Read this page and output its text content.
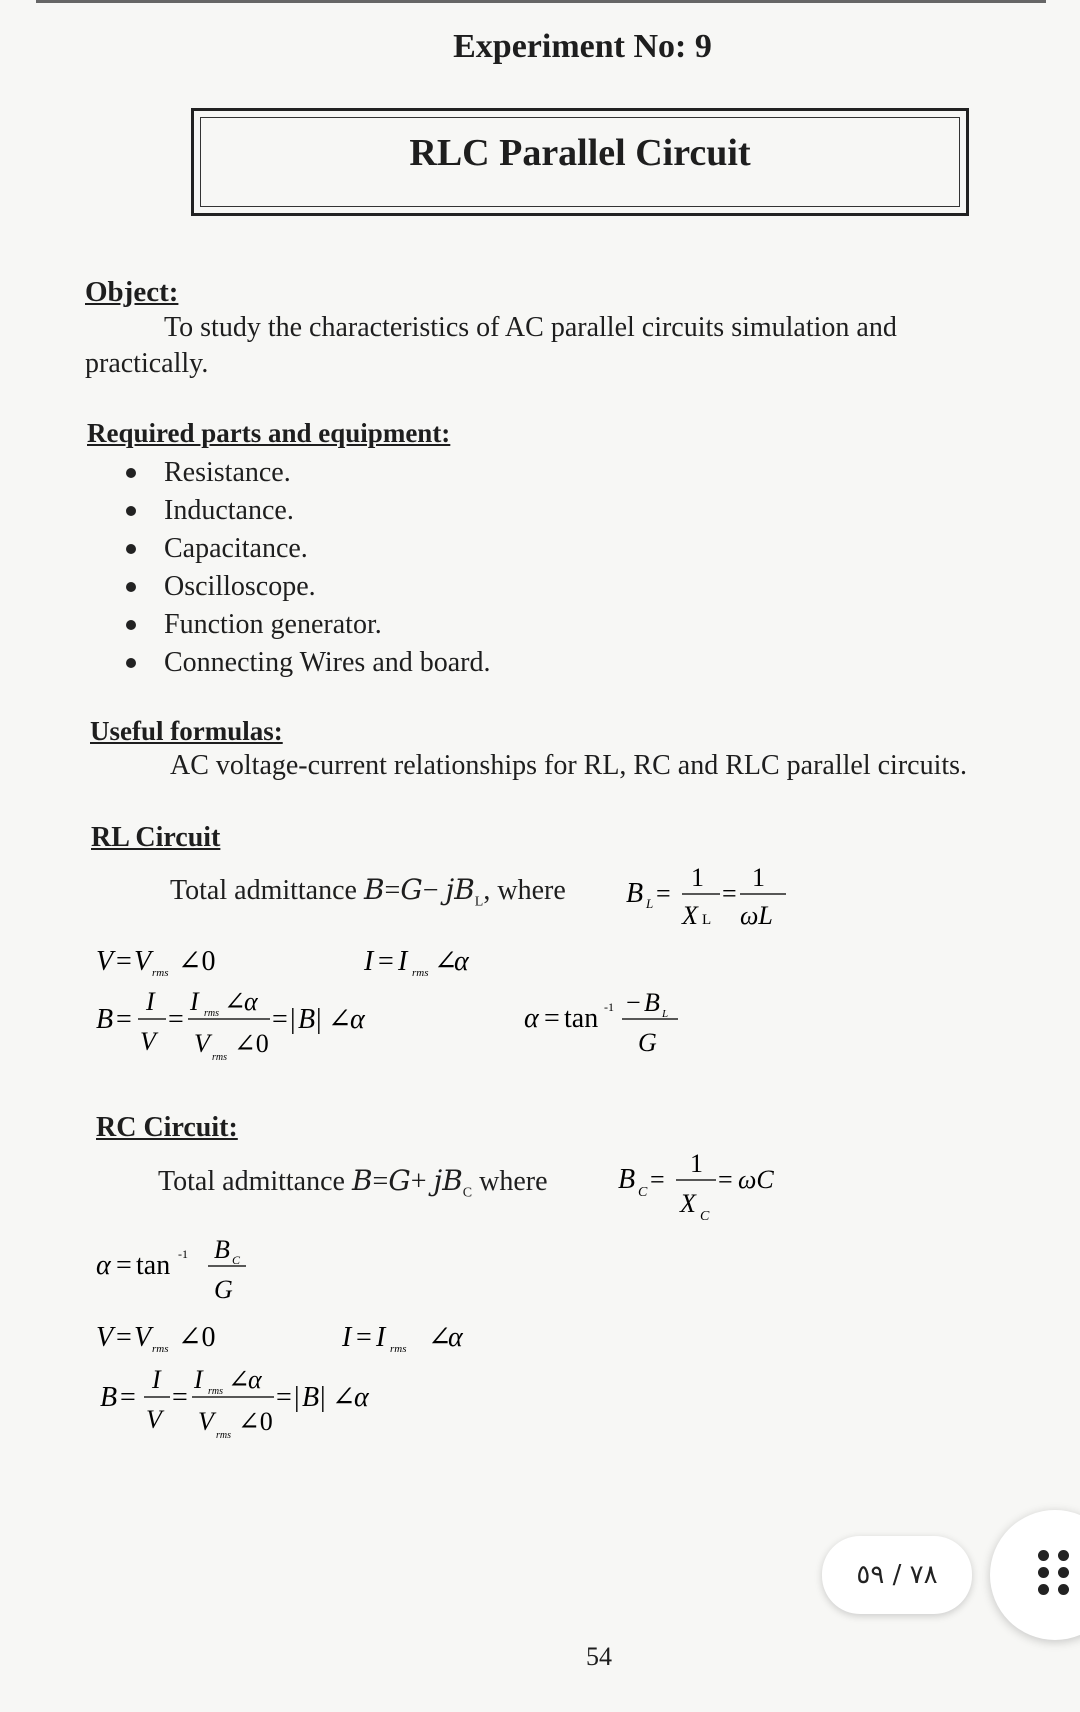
Experiment No: 9
RLC Parallel Circuit
Object:
To study the characteristics of AC parallel circuits simulation and
practically.
Required parts and equipment:
Resistance.
Inductance.
Capacitance.
Oscilloscope.
Function generator.
Connecting Wires and board.
Useful formulas:
AC voltage-current relationships for RL, RC and RLC parallel circuits.
RL Circuit
Total admittance $B=G- jB_L$, where B L =
1
X L
=
1
ωL
V = V rms ∠0	I = I rms ∠
α
B =
I
V
=
I rms ∠
α
V rms ∠0
= | B | ∠
α	α = tan -1 − B L
G
RC Circuit:
Total admittance $B=G+ jB_C$ where	B C =
1
X C
= ωC
α = tan -1 B C
G
V = V rms ∠0	I = I rms ∠
α
B =
I
V
=
I rms ∠
α
V rms ∠0
= | B | ∠
α
٧٨ / ٥٩
54
